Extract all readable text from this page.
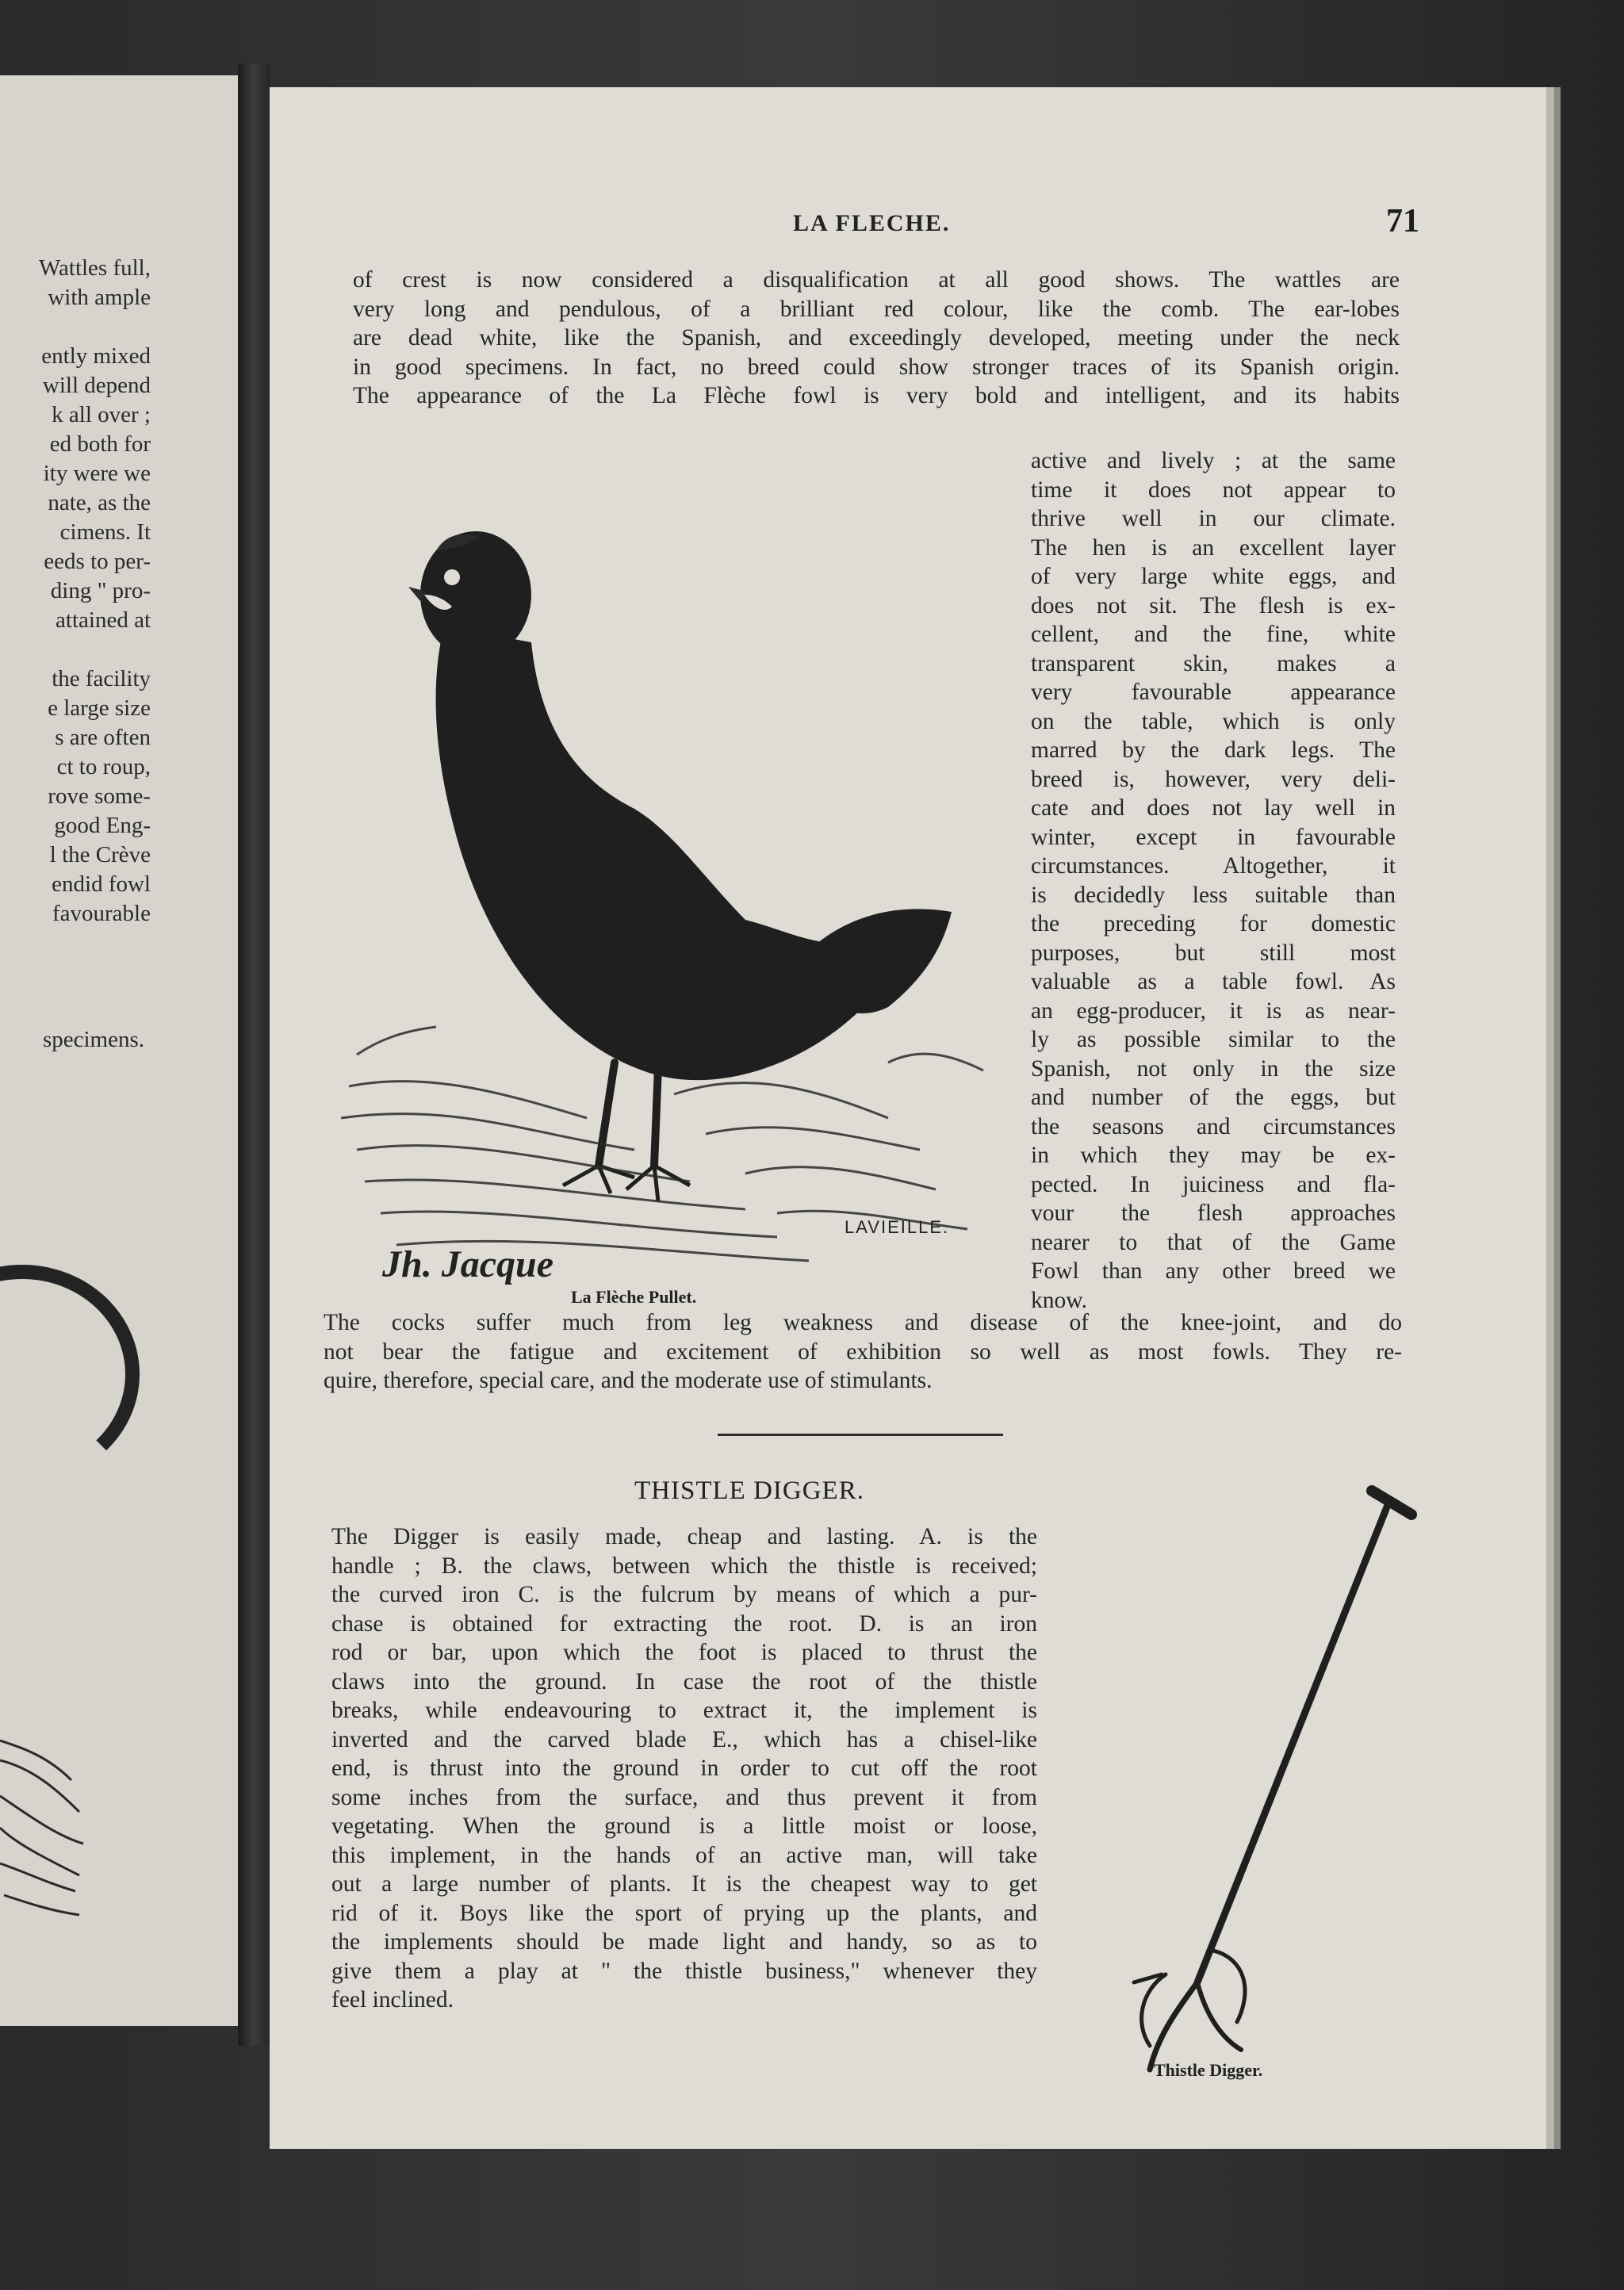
Wattles full,
with ample

ently mixed
will depend
k all over ;
ed both for
ity were we
nate, as the
cimens. It
eeds to per-
ding " pro-
attained at

the facility
e large size
s are often
ct to roup,
rove some-
good Eng-
l the Crève
endid fowl
favourable
specimens.
resence
LA FLECHE.	71
of crest is now considered a disqualification at all good shows. The wattles are
very long and pendulous, of a brilliant red colour, like the comb. The ear-lobes
are dead white, like the Spanish, and exceedingly developed, meeting under the neck
in good specimens. In fact, no breed could show stronger traces of its Spanish origin.
The appearance of the La Flèche fowl is very bold and intelligent, and its habits
Jh. Jacque
LAVIEILLE.
La Flèche Pullet.
active and lively ; at the same
time it does not appear to
thrive well in our climate.
The hen is an excellent layer
of very large white eggs, and
does not sit. The flesh is ex-
cellent, and the fine, white
transparent skin, makes a
very favourable appearance
on the table, which is only
marred by the dark legs. The
breed is, however, very deli-
cate and does not lay well in
winter, except in favourable
circumstances. Altogether, it
is decidedly less suitable than
the preceding for domestic
purposes, but still most
valuable as a table fowl. As
an egg-producer, it is as near-
ly as possible similar to the
Spanish, not only in the size
and number of the eggs, but
the seasons and circumstances
in which they may be ex-
pected. In juiciness and fla-
vour the flesh approaches
nearer to that of the Game
Fowl than any other breed we
know.
The cocks suffer much from leg weakness and disease of the knee-joint, and do
not bear the fatigue and excitement of exhibition so well as most fowls. They re-
quire, therefore, special care, and the moderate use of stimulants.
THISTLE DIGGER.
The Digger is easily made, cheap and lasting. A. is the
handle ; B. the claws, between which the thistle is received;
the curved iron C. is the fulcrum by means of which a pur-
chase is obtained for extracting the root. D. is an iron
rod or bar, upon which the foot is placed to thrust the
claws into the ground. In case the root of the thistle
breaks, while endeavouring to extract it, the implement is
inverted and the carved blade E., which has a chisel-like
end, is thrust into the ground in order to cut off the root
some inches from the surface, and thus prevent it from
vegetating. When the ground is a little moist or loose,
this implement, in the hands of an active man, will take
out a large number of plants. It is the cheapest way to get
rid of it. Boys like the sport of prying up the plants, and
the implements should be made light and handy, so as to
give them a play at " the thistle business," whenever they
feel inclined.
Thistle Digger.
